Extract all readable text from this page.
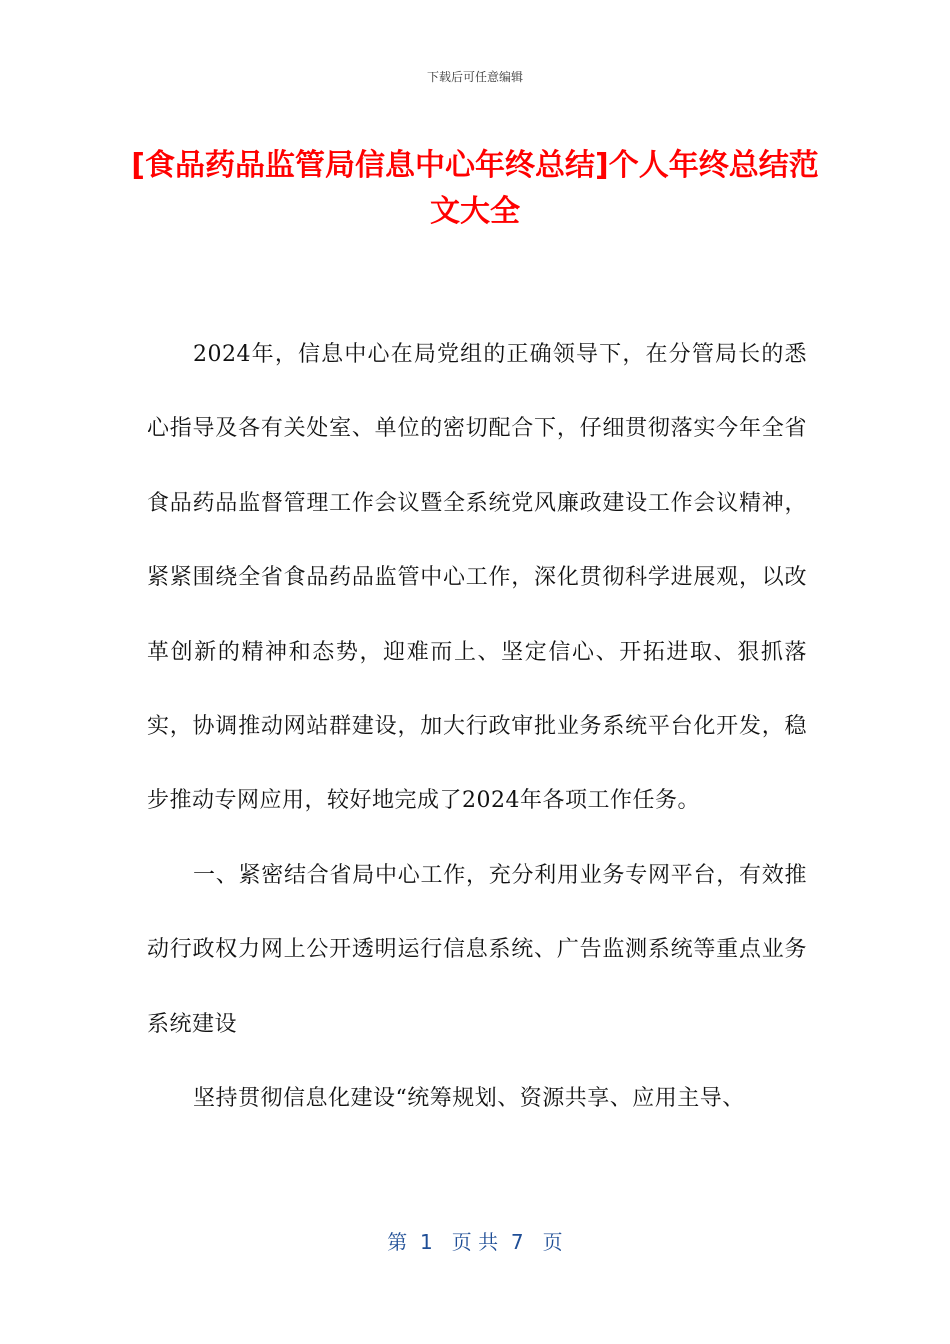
下载后可任意编辑
[食品药品监管局信息中心年终总结]个人年终总结范文大全

2024年，信息中心在局党组的正确领导下，在分管局长的悉心指导及各有关处室、单位的密切配合下，仔细贯彻落实今年全省食品药品监督管理工作会议暨全系统党风廉政建设工作会议精神，紧紧围绕全省食品药品监管中心工作，深化贯彻科学进展观，以改革创新的精神和态势，迎难而上、坚定信心、开拓进取、狠抓落实，协调推动网站群建设，加大行政审批业务系统平台化开发，稳步推动专网应用，较好地完成了2024年各项工作任务。

一、紧密结合省局中心工作，充分利用业务专网平台，有效推动行政权力网上公开透明运行信息系统、广告监测系统等重点业务系统建设

坚持贯彻信息化建设“统筹规划、资源共享、应用主导、

第  1   页 共  7   页
